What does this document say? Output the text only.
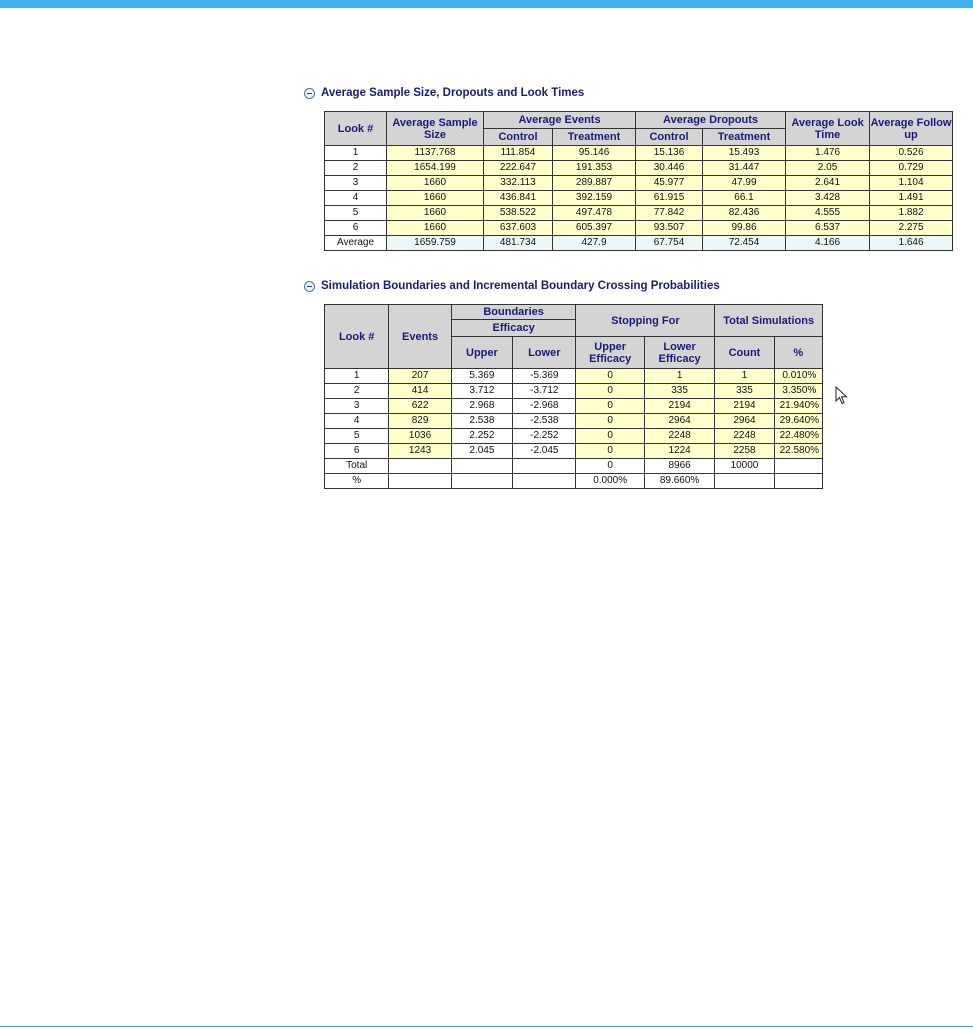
Average Sample Size, Dropouts and Look Times
Look #	Average Sample Size	Average Events		Average Dropouts		Average Look Time	Average Follow up
		Control	Treatment	Control	Treatment		
1	1137.768	111.854	95.146	15.136	15.493	1.476	0.526
2	1654.199	222.647	191.353	30.446	31.447	2.05	0.729
3	1660	332.113	289.887	45.977	47.99	2.641	1.104
4	1660	436.841	392.159	61.915	66.1	3.428	1.491
5	1660	538.522	497.478	77.842	82.436	4.555	1.882
6	1660	637.603	605.397	93.507	99.86	6.537	2.275
Average	1659.759	481.734	427.9	67.754	72.454	4.166	1.646
Simulation Boundaries and Incremental Boundary Crossing Probabilities
Look #	Events	Boundaries		Stopping For		Total Simulations	
		Efficacy					
		Upper	Lower	Upper Efficacy	Lower Efficacy	Count	%
1	207	5.369	-5.369	0	1	1	0.010%
2	414	3.712	-3.712	0	335	335	3.350%
3	622	2.968	-2.968	0	2194	2194	21.940%
4	829	2.538	-2.538	0	2964	2964	29.640%
5	1036	2.252	-2.252	0	2248	2248	22.480%
6	1243	2.045	-2.045	0	1224	2258	22.580%
Total				0	8966	10000	
%				0.000%	89.660%		
